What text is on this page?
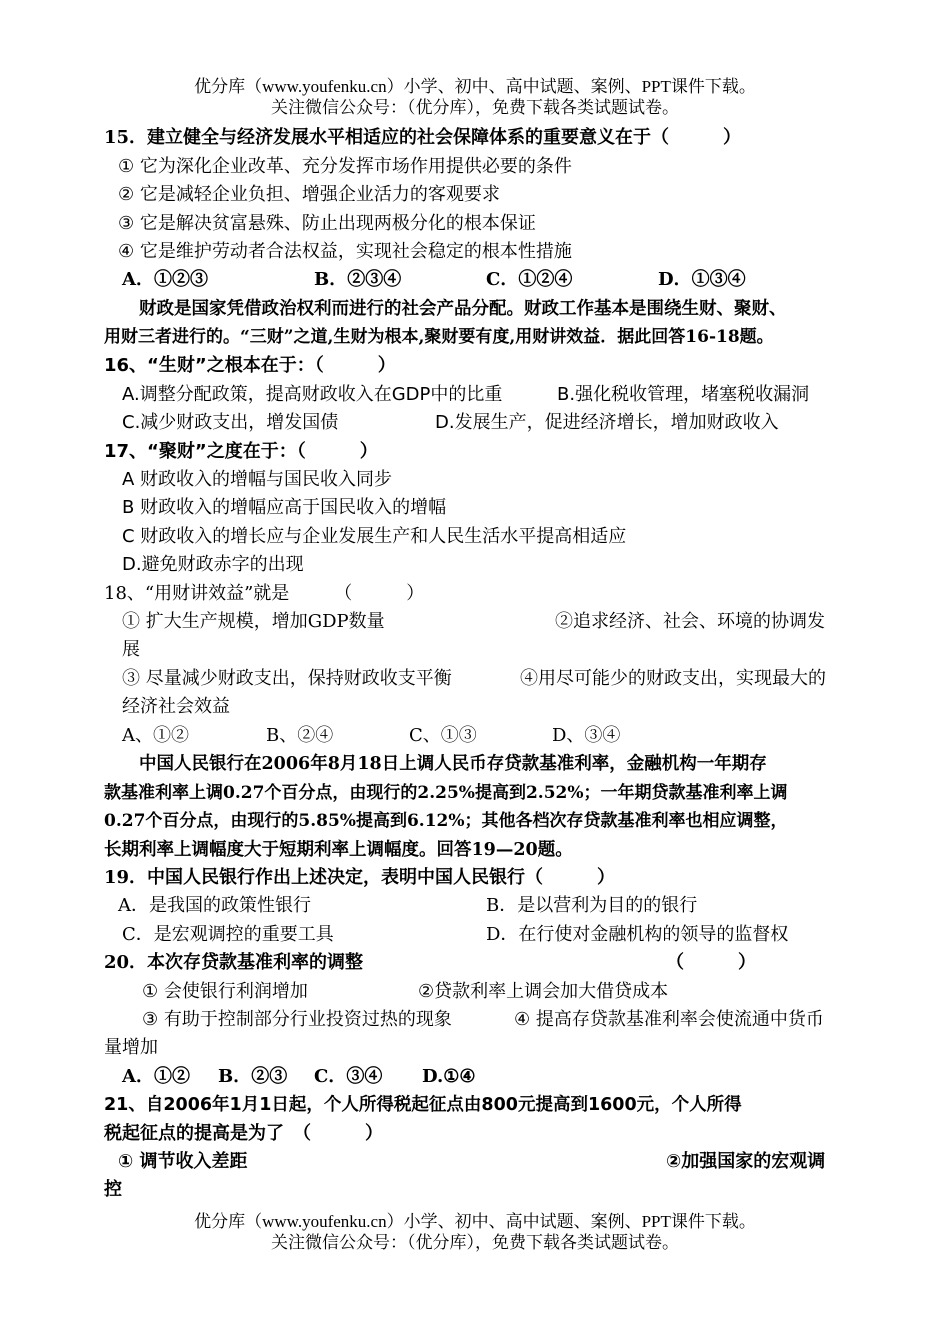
优分库（www.youfenku.cn）小学、初中、高中试题、案例、PPT课件下载。
关注微信公众号：（优分库），免费下载各类试题试卷。
15．建立健全与经济发展水平相适应的社会保障体系的重要意义在于（　　　）
① 它为深化企业改革、充分发挥市场作用提供必要的条件
② 它是减轻企业负担、增强企业活力的客观要求
③ 它是解决贫富悬殊、防止出现两极分化的根本保证
④ 它是维护劳动者合法权益，实现社会稳定的根本性措施
A．①②③	B．②③④	C．①②④	D．①③④
　　财政是国家凭借政治权利而进行的社会产品分配。财政工作基本是围绕生财、聚财、
用财三者进行的。“三财”之道,生财为根本,聚财要有度,用财讲效益．据此回答16-18题。
16、“生财”之根本在于：（　　　）
A.调整分配政策，提高财政收入在GDP中的比重	B.强化税收管理，堵塞税收漏洞
C.减少财政支出，增发国债	D.发展生产，促进经济增长，增加财政收入
17、“聚财”之度在于：（　　　）
A 财政收入的增幅与国民收入同步
B 财政收入的增幅应高于国民收入的增幅
C 财政收入的增长应与企业发展生产和人民生活水平提高相适应
D.避免财政赤字的出现
18、“用财讲效益”就是　　　（　　　）
① 扩大生产规模，增加GDP数量	②追求经济、社会、环境的协调发
展
③ 尽量减少财政支出，保持财政收支平衡	④用尽可能少的财政支出，实现最大的
经济社会效益
A、①②	B、②④	C、①③	D、③④
　　中国人民银行在2006年8月18日上调人民币存贷款基准利率，金融机构一年期存
款基准利率上调0.27个百分点，由现行的2.25%提高到2.52%；一年期贷款基准利率上调
0.27个百分点，由现行的5.85%提高到6.12%；其他各档次存贷款基准利率也相应调整，
长期利率上调幅度大于短期利率上调幅度。回答19—20题。
19．中国人民银行作出上述决定，表明中国人民银行（　　　）
A．是我国的政策性银行	B．是以营利为目的的银行
C．是宏观调控的重要工具	D．在行使对金融机构的领导的监督权
20．本次存贷款基准利率的调整	（　　　）
① 会使银行利润增加	②贷款利率上调会加大借贷成本
③ 有助于控制部分行业投资过热的现象	④ 提高存贷款基准利率会使流通中货币
量增加
A．①② B．②③ C．③④ D.①④
21、自2006年1月1日起，个人所得税起征点由800元提高到1600元，个人所得
税起征点的提高是为了　（　　　）
① 调节收入差距	②加强国家的宏观调
控
优分库（www.youfenku.cn）小学、初中、高中试题、案例、PPT课件下载。
关注微信公众号：（优分库），免费下载各类试题试卷。
